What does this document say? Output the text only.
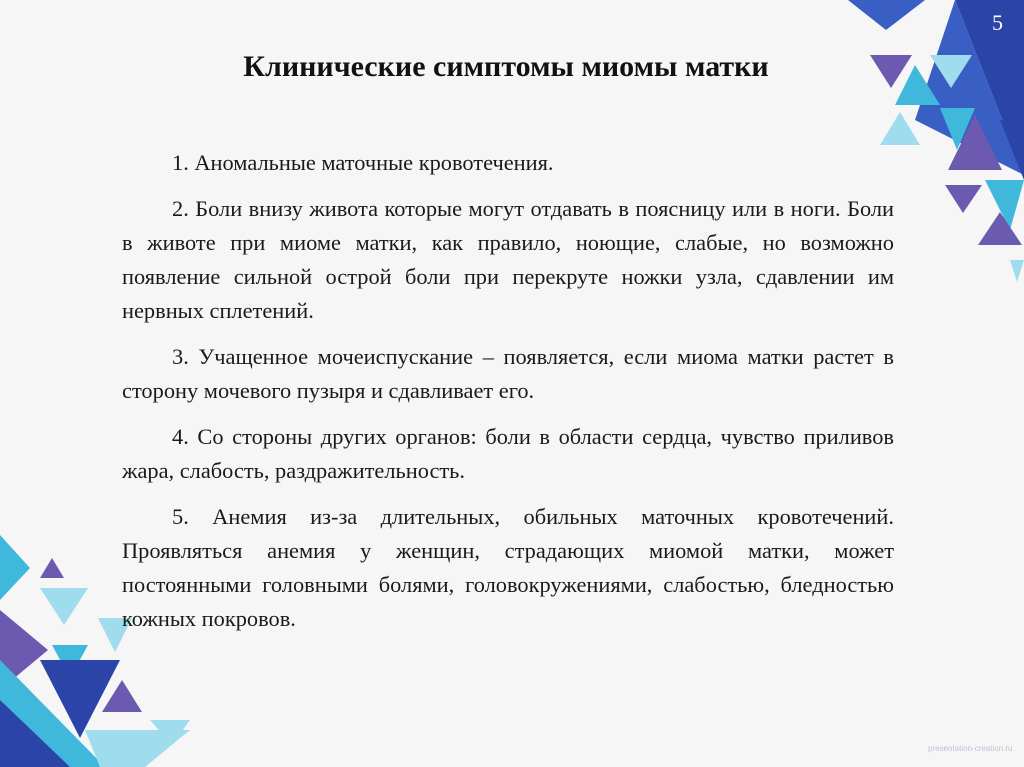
5
Клинические симптомы миомы матки

1. Аномальные маточные кровотечения.

2. Боли внизу живота которые могут отдавать в поясницу или в ноги. Боли в животе при миоме матки, как правило, ноющие, слабые, но возможно появление сильной острой боли при перекруте ножки узла, сдавлении им нервных сплетений.

3. Учащенное мочеиспускание – появляется, если миома матки растет в сторону мочевого пузыря и сдавливает его.

4. Со стороны других органов: боли в области сердца, чувство приливов жара, слабость, раздражительность.

5. Анемия из-за длительных, обильных маточных кровотечений. Проявляться анемия у женщин, страдающих миомой матки, может постоянными головными болями, головокружениями, слабостью, бледностью кожных покровов.

presentation-creation.ru
